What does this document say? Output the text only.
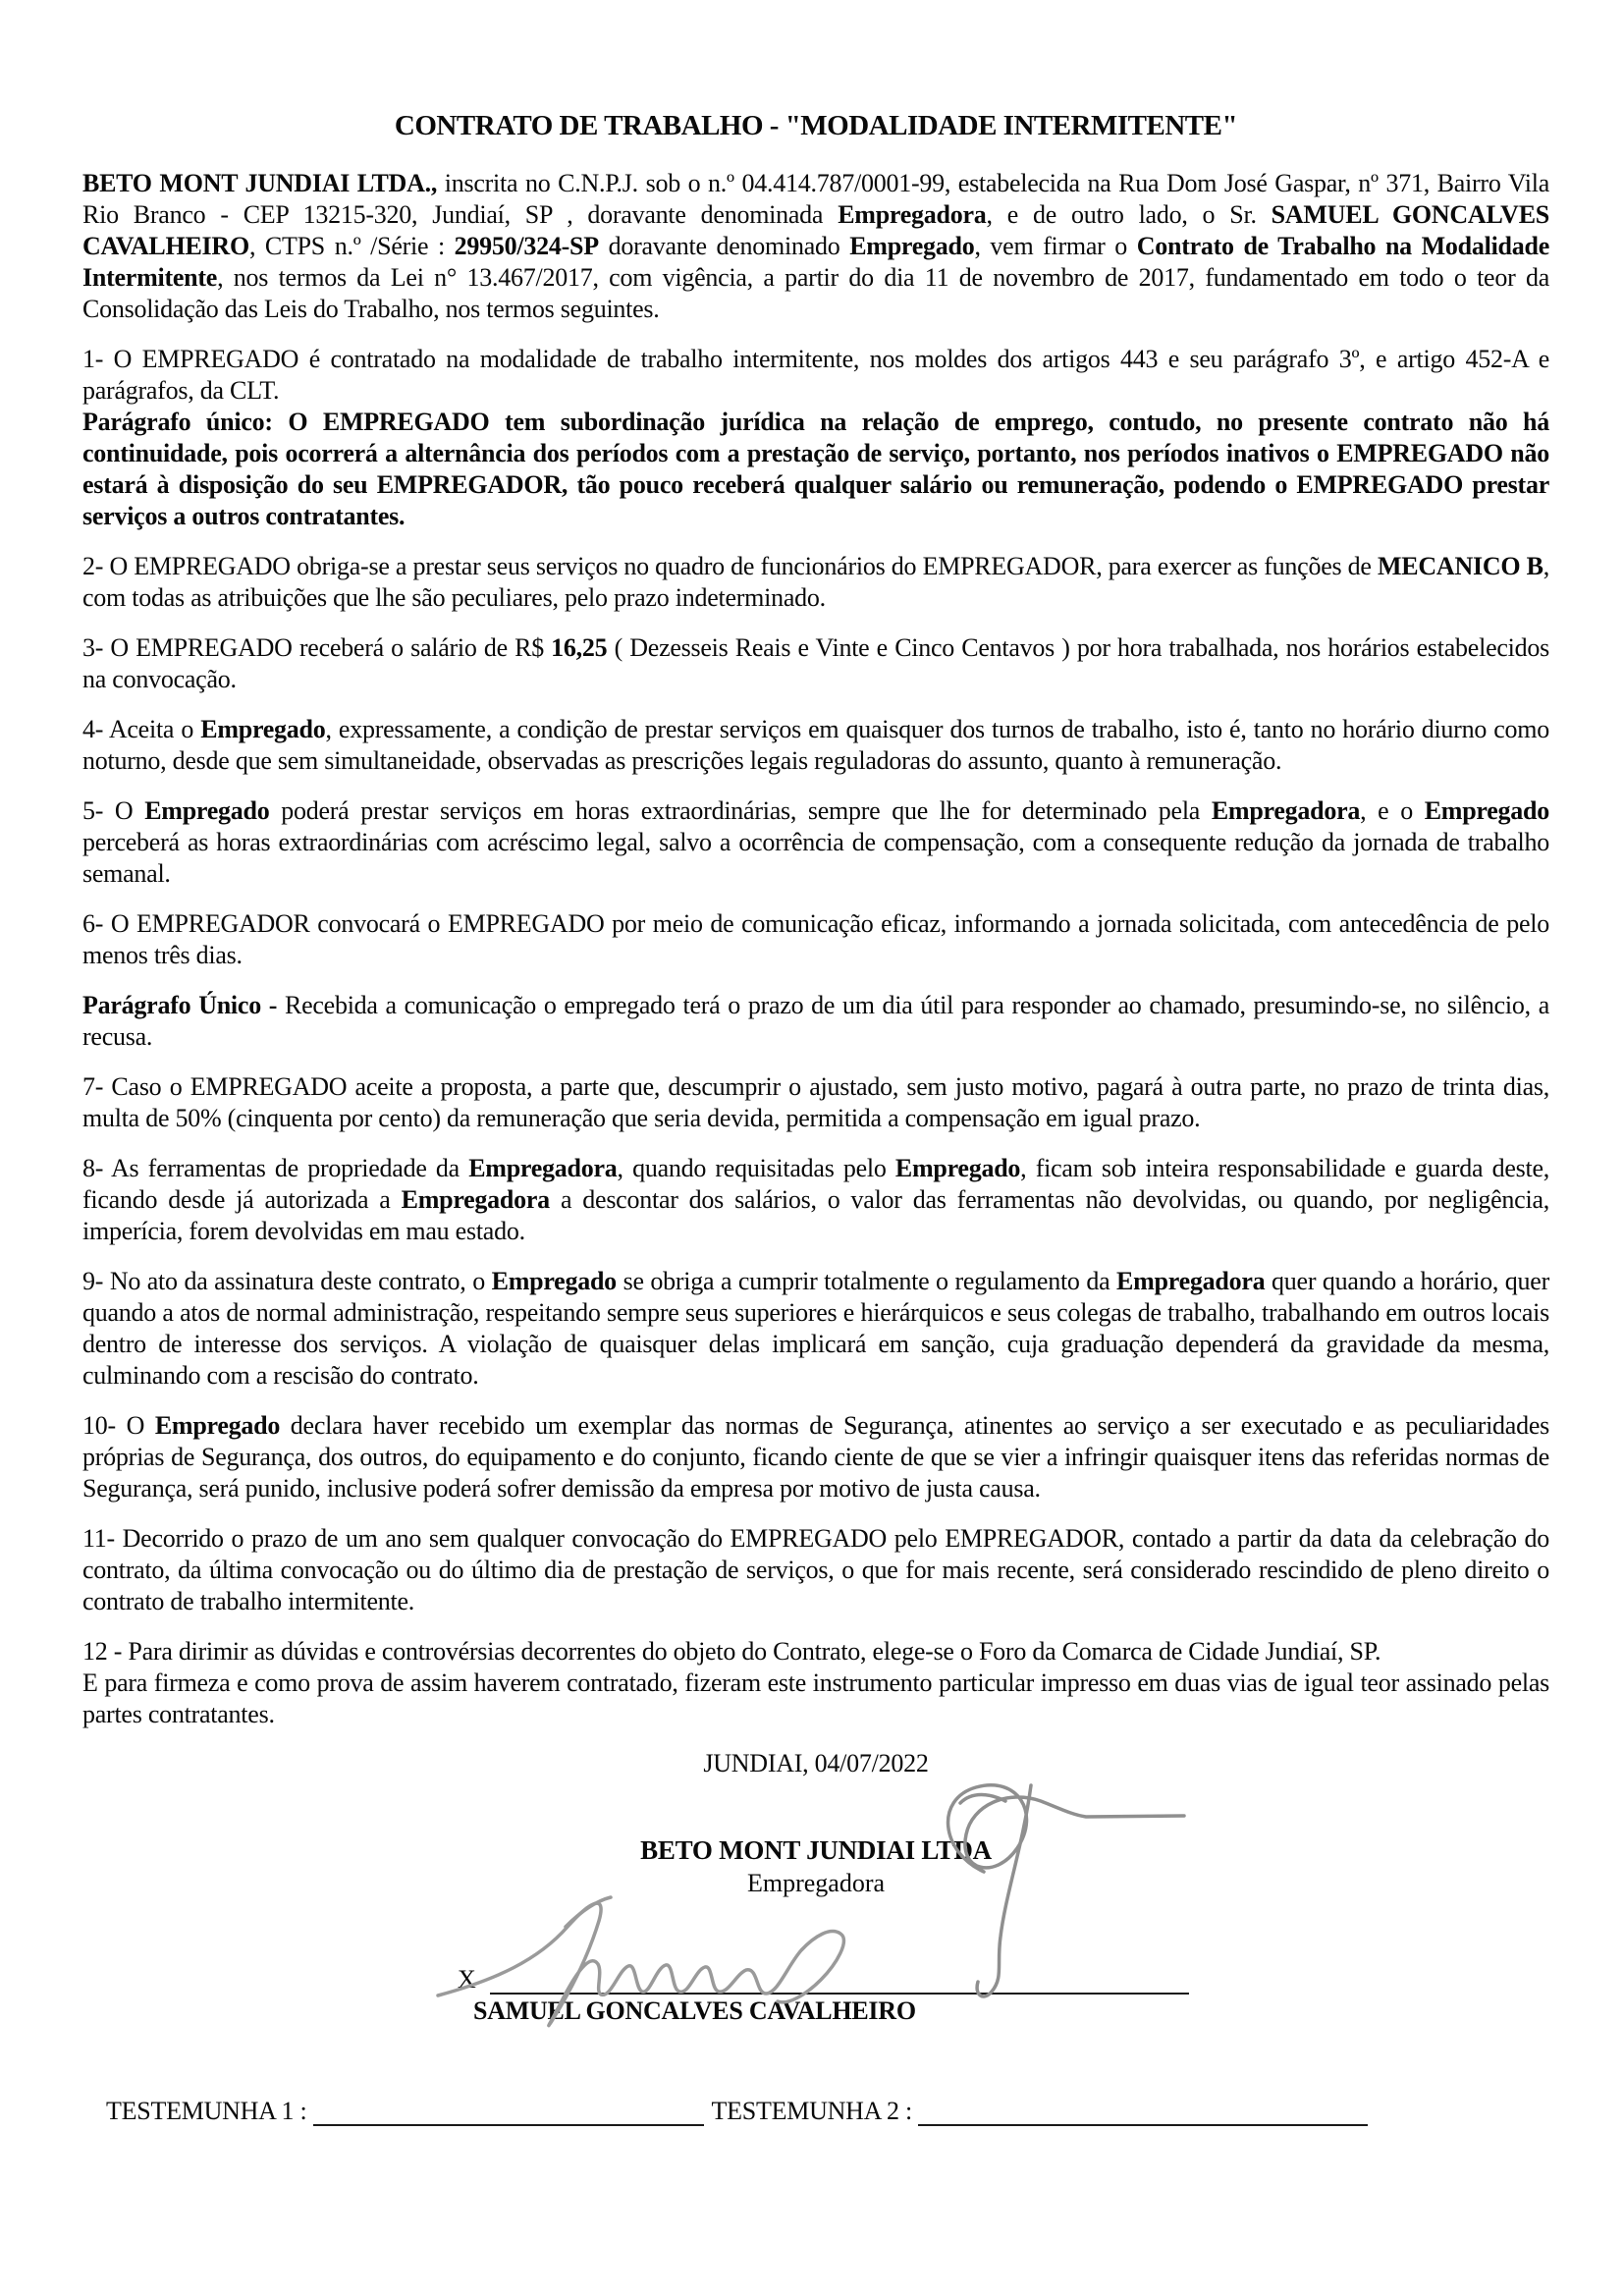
CONTRATO DE TRABALHO - "MODALIDADE INTERMITENTE"

BETO MONT JUNDIAI LTDA., inscrita no C.N.P.J. sob o n.º 04.414.787/0001-99, estabelecida na Rua Dom José Gaspar, nº 371, Bairro Vila Rio Branco - CEP 13215-320, Jundiaí, SP , doravante denominada Empregadora, e de outro lado, o Sr. SAMUEL GONCALVES CAVALHEIRO, CTPS n.º /Série : 29950/324-SP doravante denominado Empregado, vem firmar o Contrato de Trabalho na Modalidade Intermitente, nos termos da Lei n° 13.467/2017, com vigência, a partir do dia 11 de novembro de 2017, fundamentado em todo o teor da Consolidação das Leis do Trabalho, nos termos seguintes.

1- O EMPREGADO é contratado na modalidade de trabalho intermitente, nos moldes dos artigos 443 e seu parágrafo 3º, e artigo 452-A e parágrafos, da CLT.
Parágrafo único: O EMPREGADO tem subordinação jurídica na relação de emprego, contudo, no presente contrato não há continuidade, pois ocorrerá a alternância dos períodos com a prestação de serviço, portanto, nos períodos inativos o EMPREGADO não estará à disposição do seu EMPREGADOR, tão pouco receberá qualquer salário ou remuneração, podendo o EMPREGADO prestar serviços a outros contratantes.

2- O EMPREGADO obriga-se a prestar seus serviços no quadro de funcionários do EMPREGADOR, para exercer as funções de MECANICO B, com todas as atribuições que lhe são peculiares, pelo prazo indeterminado.

3- O EMPREGADO receberá o salário de R$ 16,25 ( Dezesseis Reais e Vinte e Cinco Centavos ) por hora trabalhada, nos horários estabelecidos na convocação.

4- Aceita o Empregado, expressamente, a condição de prestar serviços em quaisquer dos turnos de trabalho, isto é, tanto no horário diurno como noturno, desde que sem simultaneidade, observadas as prescrições legais reguladoras do assunto, quanto à remuneração.

5- O Empregado poderá prestar serviços em horas extraordinárias, sempre que lhe for determinado pela Empregadora, e o Empregado perceberá as horas extraordinárias com acréscimo legal, salvo a ocorrência de compensação, com a consequente redução da jornada de trabalho semanal.

6- O EMPREGADOR convocará o EMPREGADO por meio de comunicação eficaz, informando a jornada solicitada, com antecedência de pelo menos três dias.

Parágrafo Único - Recebida a comunicação o empregado terá o prazo de um dia útil para responder ao chamado, presumindo-se, no silêncio, a recusa.

7- Caso o EMPREGADO aceite a proposta, a parte que, descumprir o ajustado, sem justo motivo, pagará à outra parte, no prazo de trinta dias, multa de 50% (cinquenta por cento) da remuneração que seria devida, permitida a compensação em igual prazo.

8- As ferramentas de propriedade da Empregadora, quando requisitadas pelo Empregado, ficam sob inteira responsabilidade e guarda deste, ficando desde já autorizada a Empregadora a descontar dos salários, o valor das ferramentas não devolvidas, ou quando, por negligência, imperícia, forem devolvidas em mau estado.

9- No ato da assinatura deste contrato, o Empregado se obriga a cumprir totalmente o regulamento da Empregadora quer quando a horário, quer quando a atos de normal administração, respeitando sempre seus superiores e hierárquicos e seus colegas de trabalho, trabalhando em outros locais dentro de interesse dos serviços. A violação de quaisquer delas implicará em sanção, cuja graduação dependerá da gravidade da mesma, culminando com a rescisão do contrato.

10- O Empregado declara haver recebido um exemplar das normas de Segurança, atinentes ao serviço a ser executado e as peculiaridades próprias de Segurança, dos outros, do equipamento e do conjunto, ficando ciente de que se vier a infringir quaisquer itens das referidas normas de Segurança, será punido, inclusive poderá sofrer demissão da empresa por motivo de justa causa.

11- Decorrido o prazo de um ano sem qualquer convocação do EMPREGADO pelo EMPREGADOR, contado a partir da data da celebração do contrato, da última convocação ou do último dia de prestação de serviços, o que for mais recente, será considerado rescindido de pleno direito o contrato de trabalho intermitente.

12 - Para dirimir as dúvidas e controvérsias decorrentes do objeto do Contrato, elege-se o Foro da Comarca de Cidade Jundiaí, SP.
E para firmeza e como prova de assim haverem contratado, fizeram este instrumento particular impresso em duas vias de igual teor assinado pelas partes contratantes.

JUNDIAI, 04/07/2022
BETO MONT JUNDIAI LTDA
Empregadora
X
SAMUEL GONCALVES CAVALHEIRO
TESTEMUNHA 1 :	TESTEMUNHA 2 :
